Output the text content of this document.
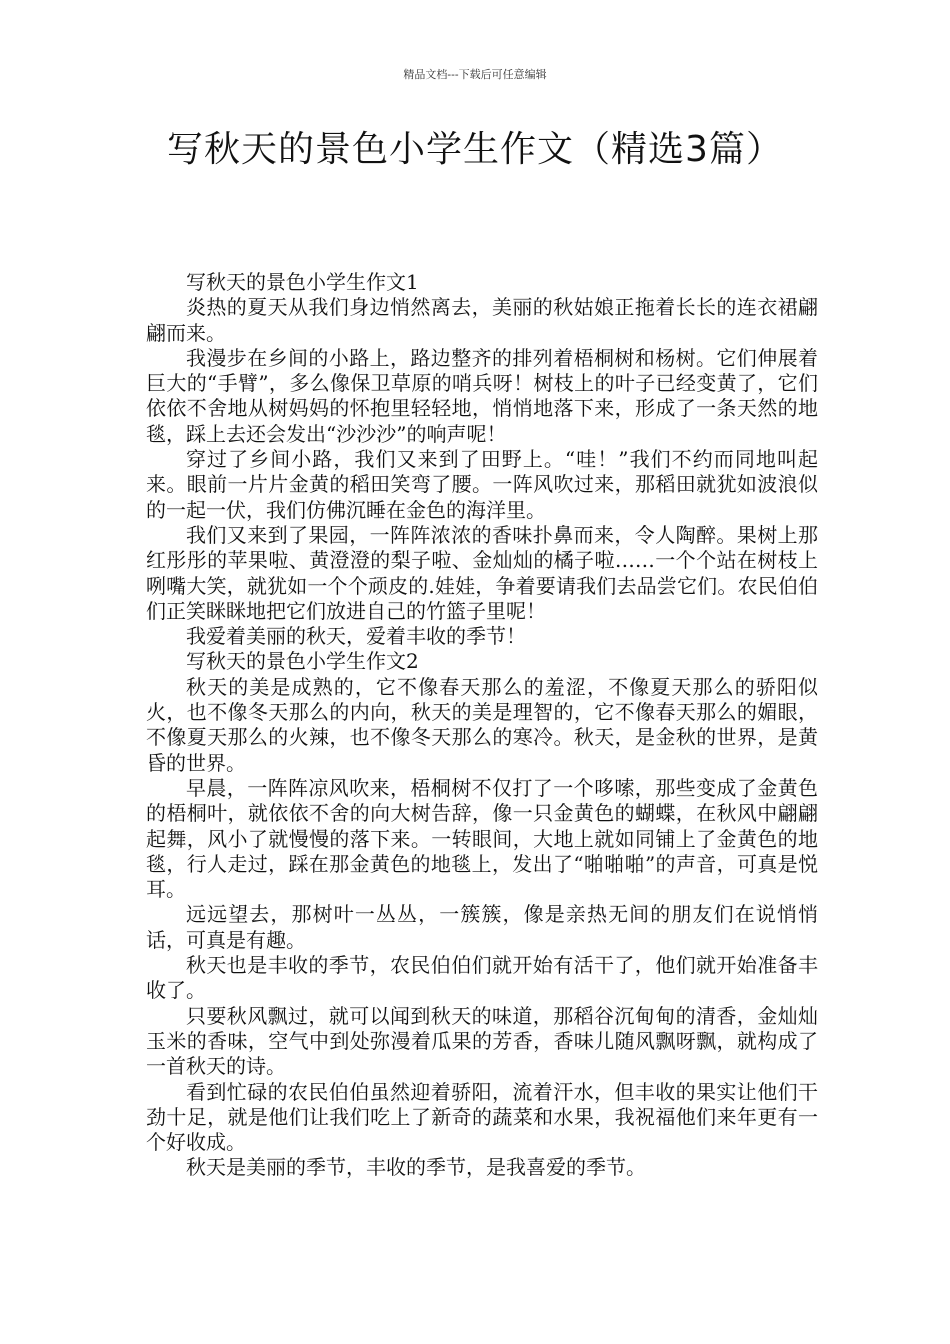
精品文档---下载后可任意编辑
写秋天的景色小学生作文（精选3篇）

写秋天的景色小学生作文1

炎热的夏天从我们身边悄然离去，美丽的秋姑娘正拖着长长的连衣裙翩翩而来。

我漫步在乡间的小路上，路边整齐的排列着梧桐树和杨树。它们伸展着巨大的“手臂”，多么像保卫草原的哨兵呀！树枝上的叶子已经变黄了，它们依依不舍地从树妈妈的怀抱里轻轻地，悄悄地落下来，形成了一条天然的地毯，踩上去还会发出“沙沙沙”的响声呢！

穿过了乡间小路，我们又来到了田野上。“哇！”我们不约而同地叫起来。眼前一片片金黄的稻田笑弯了腰。一阵风吹过来，那稻田就犹如波浪似的一起一伏，我们仿佛沉睡在金色的海洋里。

我们又来到了果园，一阵阵浓浓的香味扑鼻而来，令人陶醉。果树上那红彤彤的苹果啦、黄澄澄的梨子啦、金灿灿的橘子啦……一个个站在树枝上咧嘴大笑，就犹如一个个顽皮的.娃娃，争着要请我们去品尝它们。农民伯伯们正笑眯眯地把它们放进自己的竹篮子里呢！

我爱着美丽的秋天，爱着丰收的季节！

写秋天的景色小学生作文2

秋天的美是成熟的，它不像春天那么的羞涩，不像夏天那么的骄阳似火，也不像冬天那么的内向，秋天的美是理智的，它不像春天那么的媚眼，不像夏天那么的火辣，也不像冬天那么的寒冷。秋天，是金秋的世界，是黄昏的世界。

早晨，一阵阵凉风吹来，梧桐树不仅打了一个哆嗦，那些变成了金黄色的梧桐叶，就依依不舍的向大树告辞，像一只金黄色的蝴蝶，在秋风中翩翩起舞，风小了就慢慢的落下来。一转眼间，大地上就如同铺上了金黄色的地毯，行人走过，踩在那金黄色的地毯上，发出了“啪啪啪”的声音，可真是悦耳。

远远望去，那树叶一丛丛，一簇簇，像是亲热无间的朋友们在说悄悄话，可真是有趣。

秋天也是丰收的季节，农民伯伯们就开始有活干了，他们就开始准备丰收了。

只要秋风飘过，就可以闻到秋天的味道，那稻谷沉甸甸的清香，金灿灿玉米的香味，空气中到处弥漫着瓜果的芳香，香味儿随风飘呀飘，就构成了一首秋天的诗。

看到忙碌的农民伯伯虽然迎着骄阳，流着汗水，但丰收的果实让他们干劲十足，就是他们让我们吃上了新奇的蔬菜和水果，我祝福他们来年更有一个好收成。

秋天是美丽的季节，丰收的季节，是我喜爱的季节。
